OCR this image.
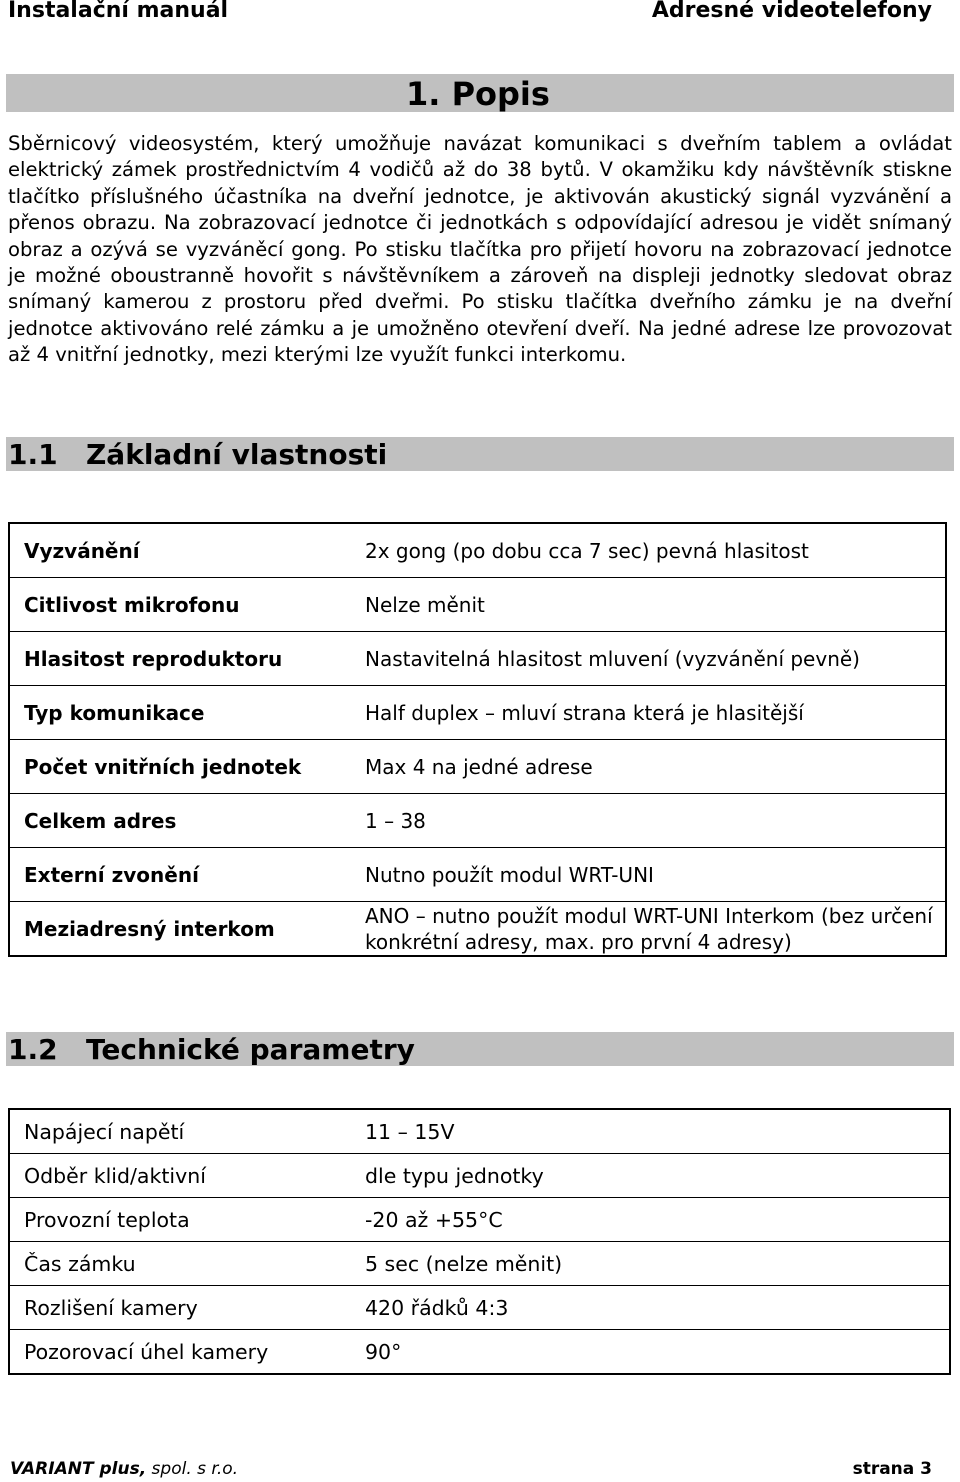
Instalační manuál	Adresné videotelefony
1. Popis

Sběrnicový videosystém, který umožňuje navázat komunikaci s dveřním tablem a ovládat elektrický zámek prostřednictvím 4 vodičů až do 38 bytů. V okamžiku kdy návštěvník stiskne tlačítko příslušného účastníka na dveřní jednotce, je aktivován akustický signál vyzvánění a přenos obrazu. Na zobrazovací jednotce či jednotkách s odpovídající adresou je vidět snímaný obraz a ozývá se vyzváněcí gong. Po stisku tlačítka pro přijetí hovoru na zobrazovací jednotce je možné oboustranně hovořit s návštěvníkem a zároveň na displeji jednotky sledovat obraz snímaný kamerou z prostoru před dveřmi. Po stisku tlačítka dveřního zámku je na dveřní jednotce aktivováno relé zámku a je umožněno otevření dveří. Na jedné adrese lze provozovat až 4 vnitřní jednotky, mezi kterými lze využít funkci interkomu.

1.1 Základní vlastnosti
Vyzvánění	2x gong (po dobu cca 7 sec) pevná hlasitost
Citlivost mikrofonu	Nelze měnit
Hlasitost reproduktoru	Nastavitelná hlasitost mluvení (vyzvánění pevně)
Typ komunikace	Half duplex – mluví strana která je hlasitější
Počet vnitřních jednotek	Max 4 na jedné adrese
Celkem adres	1 – 38
Externí zvonění	Nutno použít modul WRT-UNI
Meziadresný interkom	ANO – nutno použít modul WRT-UNI Interkom (bez určení konkrétní adresy, max. pro první 4 adresy)
1.2 Technické parametry
Napájecí napětí	11 – 15V
Odběr klid/aktivní	dle typu jednotky
Provozní teplota	-20 až +55°C
Čas zámku	5 sec (nelze měnit)
Rozlišení kamery	420 řádků 4:3
Pozorovací úhel kamery	90°
VARIANT plus, spol. s r.o.	strana 3
